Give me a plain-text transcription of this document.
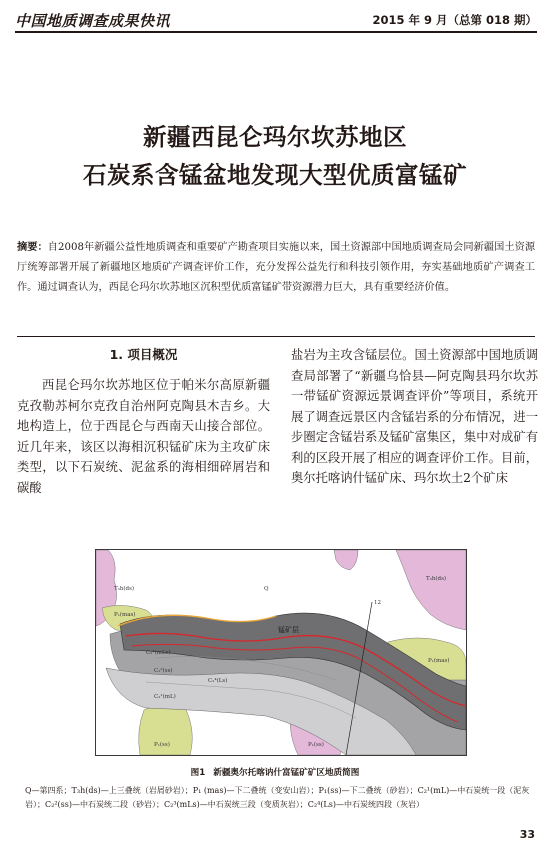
中国地质调查成果快讯	2015 年 9 月（总第 018 期）
新疆西昆仑玛尔坎苏地区
石炭系含锰盆地发现大型优质富锰矿
摘要：自2008年新疆公益性地质调查和重要矿产勘查项目实施以来，国土资源部中国地质调查局会同新疆国土资源厅统筹部署开展了新疆地区地质矿产调查评价工作，充分发挥公益先行和科技引领作用，夯实基础地质矿产调查工作。通过调查认为，西昆仑玛尔坎苏地区沉积型优质富锰矿带资源潜力巨大，具有重要经济价值。
1. 项目概况
西昆仑玛尔坎苏地区位于帕米尔高原新疆克孜勒苏柯尔克孜自治州阿克陶县木吉乡。大地构造上，位于西昆仑与西南天山接合部位。近几年来，该区以海相沉积锰矿床为主攻矿床类型，以下石炭统、泥盆系的海相细碎屑岩和碳酸
盐岩为主攻含锰层位。国土资源部中国地质调查局部署了“新疆乌恰县—阿克陶县玛尔坎苏一带锰矿资源远景调查评价”等项目，系统开展了调查远景区内含锰岩系的分布情况，进一步圈定含锰岩系及锰矿富集区，集中对成矿有利的区段开展了相应的调查评价工作。目前，奥尔托喀讷什锰矿床、玛尔坎土2个矿床
T₃h(ds)
T₃h(ds)
P₁(mas)
P₁(mas)
P₁(ss)	P₁(ss)
Q
C₂¹(mL)
C₂²(ss)
C₂³(mLs)
C₂⁴(Ls)
锰矿层
12
图1 新疆奥尔托喀讷什富锰矿矿区地质简图
Q—第四系；T₃h(ds)—上三叠统（岩屑砂岩）；P₁ (mas)—下二叠统（变安山岩）；P₁(ss)—下二叠统（砂岩）；C₂¹(mL)—中石炭统一段（泥灰岩）；C₂²(ss)—中石炭统二段（砂岩）；C₂³(mLs)—中石炭统三段（变质灰岩）；C₂⁴(Ls)—中石炭统四段（灰岩）
33
